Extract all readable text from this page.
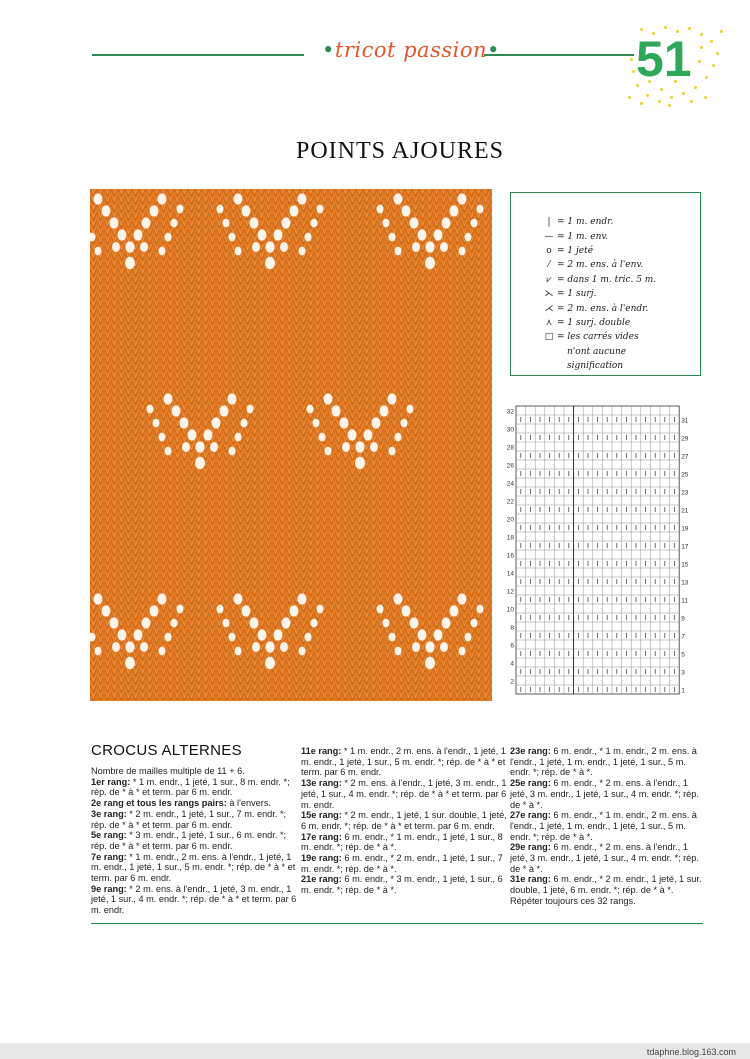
•tricot passion•	51
POINTS AJOURES
| = 1 m. endr.
— = 1 m. env.
o = 1 jeté
⁄ = 2 m. ens. à l'env.
⩗ = dans 1 m. tric. 5 m.
⋋ = 1 surj.
⋌ = 2 m. ens. à l'endr.
⋏ = 1 surj. double
□ = les carrés vides
n'ont aucune
signification
32
30
28
26
24
22
20
18
16
14
12
10
8
6
4
2
31
29
27
25
23
21
19
17
15
13
11
9
7
5
3
1
CROCUS ALTERNES

Nombre de mailles multiple de 11 + 6.

1er rang: * 1 m. endr., 1 jeté, 1 sur., 8 m. endr. *; rép. de * à * et term. par 6 m. endr.

2e rang et tous les rangs pairs: à l'envers.

3e rang: * 2 m. endr., 1 jeté, 1 sur., 7 m. endr. *; rép. de * à * et term. par 6 m. endr.

5e rang: * 3 m. endr., 1 jeté, 1 sur., 6 m. endr. *; rép. de * à * et term. par 6 m. endr.

7e rang: * 1 m. endr., 2 m. ens. à l'endr., 1 jeté, 1 m. endr., 1 jeté, 1 sur., 5 m. endr. *; rép. de * à * et term. par 6 m. endr.

9e rang: * 2 m. ens. à l'endr., 1 jeté, 3 m. endr., 1 jeté, 1 sur., 4 m. endr. *; rép. de * à * et term. par 6 m. endr.

11e rang: * 1 m. endr., 2 m. ens. à l'endr., 1 jeté, 1 m. endr., 1 jeté, 1 sur., 5 m. endr. *; rép. de * à * et term. par 6 m. endr.

13e rang: * 2 m. ens. à l'endr., 1 jeté, 3 m. endr., 1 jeté, 1 sur., 4 m. endr. *; rép. de * à * et term. par 6 m. endr.

15e rang: * 2 m. endr., 1 jeté, 1 sur. double, 1 jeté, 6 m. endr. *; rép. de * à * et term. par 6 m. endr.

17e rang: 6 m. endr., * 1 m. endr., 1 jeté, 1 sur., 8 m. endr. *; rép. de * à *.

19e rang: 6 m. endr., * 2 m. endr., 1 jeté, 1 sur., 7 m. endr. *; rép. de * à *.

21e rang: 6 m. endr., * 3 m. endr., 1 jeté, 1 sur., 6 m. endr. *; rép. de * à *.

23e rang: 6 m. endr., * 1 m. endr., 2 m. ens. à l'endr., 1 jeté, 1 m. endr., 1 jeté, 1 sur., 5 m. endr. *; rép. de * à *.

25e rang: 6 m. endr., * 2 m. ens. à l'endr., 1 jeté, 3 m. endr., 1 jeté, 1 sur., 4 m. endr. *; rép. de * à *.

27e rang: 6 m. endr., * 1 m. endr., 2 m. ens. à l'endr., 1 jeté, 1 m. endr., 1 jeté, 1 sur., 5 m. endr. *; rép. de * à *.

29e rang: 6 m. endr., * 2 m. ens. à l'endr., 1 jeté, 3 m. endr., 1 jeté, 1 sur., 4 m. endr. *; rép. de * à *.

31e rang: 6 m. endr., * 2 m. endr., 1 jeté, 1 sur. double, 1 jeté, 6 m. endr. *; rép. de * à *.

Répéter toujours ces 32 rangs.

tdaphne.blog.163.com
